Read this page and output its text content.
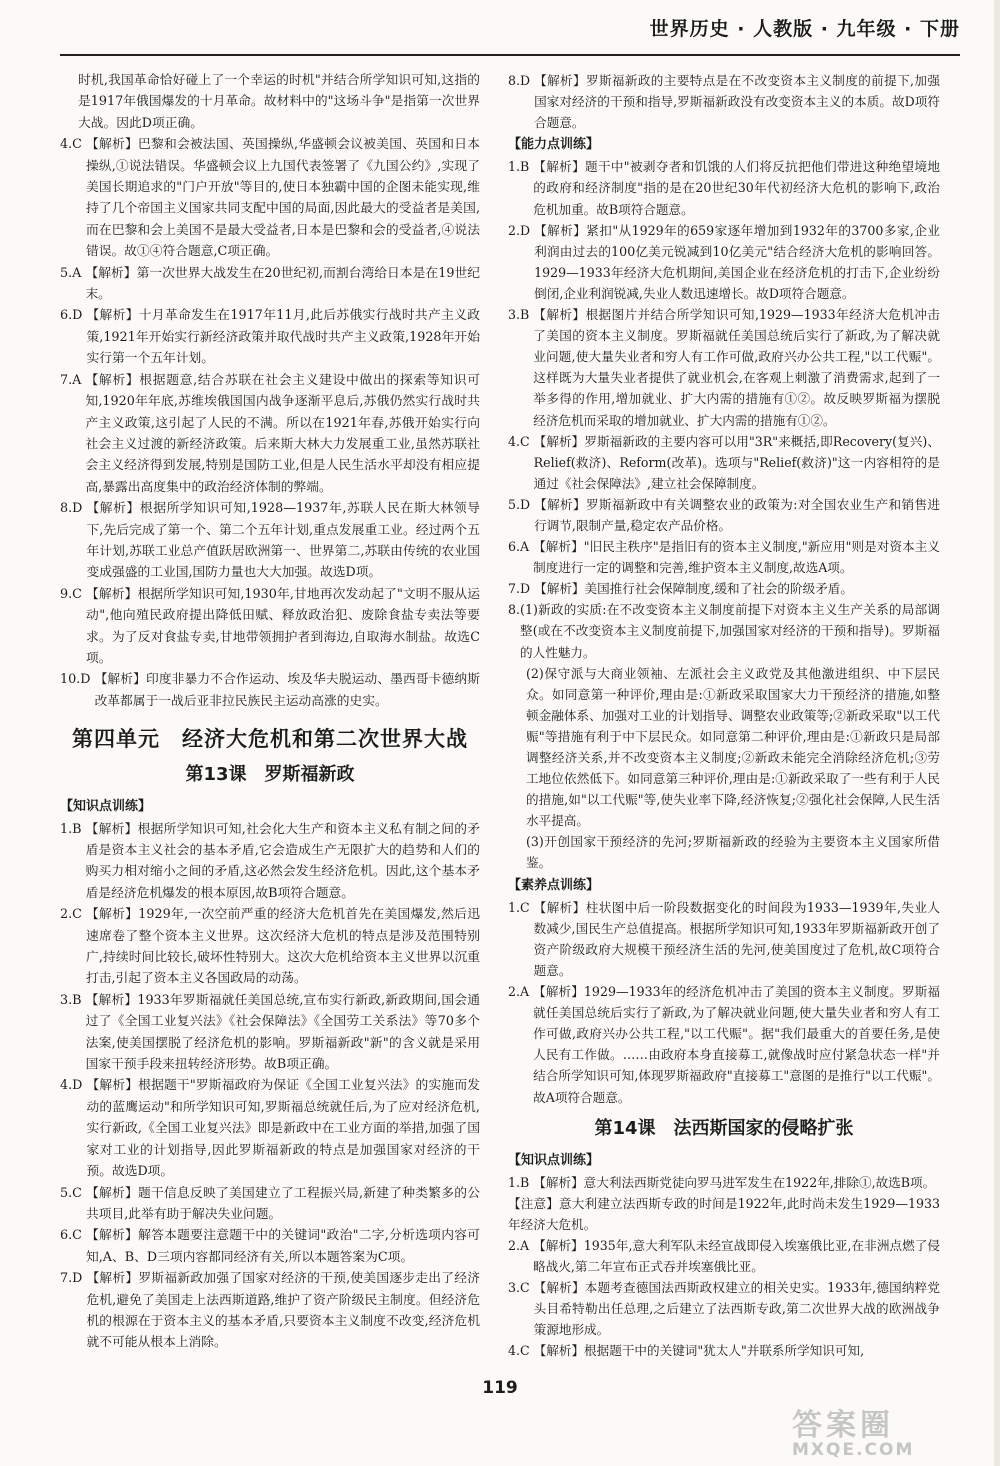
世界历史 · 人教版 · 九年级 · 下册

时机,我国革命恰好碰上了一个幸运的时机"并结合所学知识可知,这指的是1917年俄国爆发的十月革命。故材料中的"这场斗争"是指第一次世界大战。因此D项正确。

4.C 【解析】巴黎和会被法国、英国操纵,华盛顿会议被美国、英国和日本操纵,①说法错误。华盛顿会议上九国代表签署了《九国公约》,实现了美国长期追求的"门户开放"等目的,使日本独霸中国的企图未能实现,维持了几个帝国主义国家共同支配中国的局面,因此最大的受益者是美国,而在巴黎和会上美国不是最大受益者,日本是巴黎和会的受益者,④说法错误。故①④符合题意,C项正确。
5.A 【解析】第一次世界大战发生在20世纪初,而割台湾给日本是在19世纪末。
6.D 【解析】十月革命发生在1917年11月,此后苏俄实行战时共产主义政策,1921年开始实行新经济政策并取代战时共产主义政策,1928年开始实行第一个五年计划。
7.A 【解析】根据题意,结合苏联在社会主义建设中做出的探索等知识可知,1920年年底,苏维埃俄国国内战争逐渐平息后,苏俄仍然实行战时共产主义政策,这引起了人民的不满。所以在1921年春,苏俄开始实行向社会主义过渡的新经济政策。后来斯大林大力发展重工业,虽然苏联社会主义经济得到发展,特别是国防工业,但是人民生活水平却没有相应提高,暴露出高度集中的政治经济体制的弊端。
8.D 【解析】根据所学知识可知,1928—1937年,苏联人民在斯大林领导下,先后完成了第一个、第二个五年计划,重点发展重工业。经过两个五年计划,苏联工业总产值跃居欧洲第一、世界第二,苏联由传统的农业国变成强盛的工业国,国防力量也大大加强。故选D项。
9.C 【解析】根据所学知识可知,1930年,甘地再次发动起了"文明不服从运动",他向殖民政府提出降低田赋、释放政治犯、废除食盐专卖法等要求。为了反对食盐专卖,甘地带领拥护者到海边,自取海水制盐。故选C项。
10.D 【解析】印度非暴力不合作运动、埃及华夫脱运动、墨西哥卡德纳斯改革都属于一战后亚非拉民族民主运动高涨的史实。
第四单元　经济大危机和第二次世界大战
第13课　罗斯福新政
【知识点训练】
1.B 【解析】根据所学知识可知,社会化大生产和资本主义私有制之间的矛盾是资本主义社会的基本矛盾,它会造成生产无限扩大的趋势和人们的购买力相对缩小之间的矛盾,这必然会发生经济危机。因此,这个基本矛盾是经济危机爆发的根本原因,故B项符合题意。
2.C 【解析】1929年,一次空前严重的经济大危机首先在美国爆发,然后迅速席卷了整个资本主义世界。这次经济大危机的特点是涉及范围特别广,持续时间比较长,破坏性特别大。这次大危机给资本主义世界以沉重打击,引起了资本主义各国政局的动荡。
3.B 【解析】1933年罗斯福就任美国总统,宣布实行新政,新政期间,国会通过了《全国工业复兴法》《社会保障法》《全国劳工关系法》等70多个法案,使美国摆脱了经济危机的影响。罗斯福新政"新"的含义就是采用国家干预手段来扭转经济形势。故B项正确。
4.D 【解析】根据题干"罗斯福政府为保证《全国工业复兴法》的实施而发动的蓝鹰运动"和所学知识可知,罗斯福总统就任后,为了应对经济危机,实行新政,《全国工业复兴法》即是新政中在工业方面的举措,加强了国家对工业的计划指导,因此罗斯福新政的特点是加强国家对经济的干预。故选D项。
5.C 【解析】题干信息反映了美国建立了工程振兴局,新建了种类繁多的公共项目,此举有助于解决失业问题。
6.C 【解析】解答本题要注意题干中的关键词"政治"二字,分析选项内容可知,A、B、D三项内容都同经济有关,所以本题答案为C项。
7.D 【解析】罗斯福新政加强了国家对经济的干预,使美国逐步走出了经济危机,避免了美国走上法西斯道路,维护了资产阶级民主制度。但经济危机的根源在于资本主义的基本矛盾,只要资本主义制度不改变,经济危机就不可能从根本上消除。
8.D 【解析】罗斯福新政的主要特点是在不改变资本主义制度的前提下,加强国家对经济的干预和指导,罗斯福新政没有改变资本主义的本质。故D项符合题意。
【能力点训练】
1.B 【解析】题干中"被剥夺者和饥饿的人们将反抗把他们带进这种绝望境地的政府和经济制度"指的是在20世纪30年代初经济大危机的影响下,政治危机加重。故B项符合题意。
2.D 【解析】紧扣"从1929年的659家逐年增加到1932年的3700多家,企业利润由过去的100亿美元锐减到10亿美元"结合经济大危机的影响回答。1929—1933年经济大危机期间,美国企业在经济危机的打击下,企业纷纷倒闭,企业利润锐减,失业人数迅速增长。故D项符合题意。
3.B 【解析】根据图片并结合所学知识可知,1929—1933年经济大危机冲击了美国的资本主义制度。罗斯福就任美国总统后实行了新政,为了解决就业问题,使大量失业者和穷人有工作可做,政府兴办公共工程,"以工代赈"。这样既为大量失业者提供了就业机会,在客观上刺激了消费需求,起到了一举多得的作用,增加就业、扩大内需的措施有①②。故反映罗斯福为摆脱经济危机而采取的增加就业、扩大内需的措施有①②。
4.C 【解析】罗斯福新政的主要内容可以用"3R"来概括,即Recovery(复兴)、Relief(救济)、Reform(改革)。选项与"Relief(救济)"这一内容相符的是通过《社会保障法》,建立社会保障制度。
5.D 【解析】罗斯福新政中有关调整农业的政策为:对全国农业生产和销售进行调节,限制产量,稳定农产品价格。
6.A 【解析】"旧民主秩序"是指旧有的资本主义制度,"新应用"则是对资本主义制度进行一定的调整和完善,维护资本主义制度,故选A项。
7.D 【解析】美国推行社会保障制度,缓和了社会的阶级矛盾。
8. (1)新政的实质:在不改变资本主义制度前提下对资本主义生产关系的局部调整(或在不改变资本主义制度前提下,加强国家对经济的干预和指导)。罗斯福的人性魅力。

(2)保守派与大商业领袖、左派社会主义政党及其他激进组织、中下层民众。如同意第一种评价,理由是:①新政采取国家大力干预经济的措施,如整顿金融体系、加强对工业的计划指导、调整农业政策等;②新政采取"以工代赈"等措施有利于中下层民众。如同意第二种评价,理由是:①新政只是局部调整经济关系,并不改变资本主义制度;②新政未能完全消除经济危机;③劳工地位依然低下。如同意第三种评价,理由是:①新政采取了一些有利于人民的措施,如"以工代赈"等,使失业率下降,经济恢复;②强化社会保障,人民生活水平提高。

(3)开创国家干预经济的先河;罗斯福新政的经验为主要资本主义国家所借鉴。

【素养点训练】
1.C 【解析】柱状图中后一阶段数据变化的时间段为1933—1939年,失业人数减少,国民生产总值提高。根据所学知识可知,1933年罗斯福新政开创了资产阶级政府大规模干预经济生活的先河,使美国度过了危机,故C项符合题意。
2.A 【解析】1929—1933年的经济危机冲击了美国的资本主义制度。罗斯福就任美国总统后实行了新政,为了解决就业问题,使大量失业者和穷人有工作可做,政府兴办公共工程,"以工代赈"。据"我们最重大的首要任务,是使人民有工作做。……由政府本身直接募工,就像战时应付紧急状态一样"并结合所学知识可知,体现罗斯福政府"直接募工"意图的是推行"以工代赈"。故A项符合题意。
第14课　法西斯国家的侵略扩张
【知识点训练】
1.B 【解析】意大利法西斯党徒向罗马进军发生在1922年,排除①,故选B项。

【注意】意大利建立法西斯专政的时间是1922年,此时尚未发生1929—1933年经济大危机。

2.A 【解析】1935年,意大利军队未经宣战即侵入埃塞俄比亚,在非洲点燃了侵略战火,第二年宣布正式吞并埃塞俄比亚。
3.C 【解析】本题考查德国法西斯政权建立的相关史实。1933年,德国纳粹党头目希特勒出任总理,之后建立了法西斯专政,第二次世界大战的欧洲战争策源地形成。
4.C 【解析】根据题干中的关键词"犹太人"并联系所学知识可知,
119
答案圈
MXQE.COM
